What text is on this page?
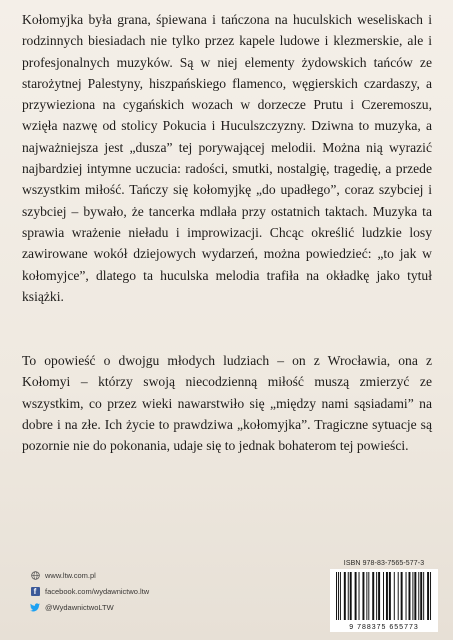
Kołomyjka była grana, śpiewana i tańczona na huculskich weseliskach i rodzinnych biesiadach nie tylko przez kapele ludowe i klezmerskie, ale i profesjonalnych muzyków. Są w niej elementy żydowskich tańców ze starożytnej Palestyny, hiszpańskiego flamenco, węgierskich czardaszy, a przywieziona na cygańskich wozach w dorzecze Prutu i Czeremoszu, wzięła nazwę od stolicy Pokucia i Huculszczyzny. Dziwna to muzyka, a najważniejsza jest „dusza” tej porywającej melodii. Można nią wyrazić najbardziej intymne uczucia: radości, smutki, nostalgię, tragedię, a przede wszystkim miłość. Tańczy się kołomyjkę „do upadłego”, coraz szybciej i szybciej – bywało, że tancerka mdlała przy ostatnich taktach. Muzyka ta sprawia wrażenie nieładu i improwizacji. Chcąc określić ludzkie losy zawirowane wokół dziejowych wydarzeń, można powiedzieć: „to jak w kołomyjce”, dlatego ta huculska melodia trafiła na okładkę jako tytuł książki.

To opowieść o dwojgu młodych ludziach – on z Wrocławia, ona z Kołomyi – którzy swoją niecodzienną miłość muszą zmierzyć ze wszystkim, co przez wieki nawarstwiło się „między nami sąsiadami” na dobre i na złe. Ich życie to prawdziwa „kołomyjka”. Tragiczne sytuacje są pozornie nie do pokonania, udaje się to jednak bohaterom tej powieści.

www.ltw.com.pl
f	facebook.com/wydawnictwo.ltw
@WydawnictwoLTW
ISBN 978-83-7565-577-3
9 788375 655773
